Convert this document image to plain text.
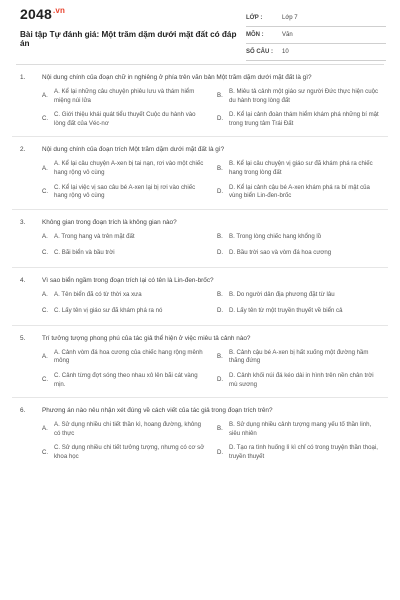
$2048^{.vn}$
Bài tập Tự đánh giá: Một trăm dặm dưới mặt đất có đáp án
LỚP :	Lớp 7
MÔN :	Văn
SỐ CÂU :	10
1.	Nội dung chính của đoạn chữ in nghiêng ở phía trên văn bản Một trăm dặm dưới mặt đất là gì?
A.
A. Kể lại những câu chuyện phiêu lưu và thám hiểm miệng núi lửa
B.
B. Miêu tả cảnh một giáo sư người Đức thực hiện cuộc du hành trong lòng đất
C.
C. Giới thiệu khái quát tiểu thuyết Cuộc du hành vào lòng đất của Véc-nơ
D.
D. Kể lại cảnh đoàn thám hiểm khám phá những bí mật trong trung tâm Trái Đất
2.	Nội dung chính của đoạn trích Một trăm dặm dưới mặt đất là gì?
A.
A. Kể lại câu chuyện A-xen bị tai nạn, rơi vào một chiếc hang rộng vô cùng
B.
B. Kể lại câu chuyện vị giáo sư đã khám phá ra chiếc hang trong lòng đất
C.
C. Kể lại việc vị sao câu bé A-xen lại bị rơi vào chiếc hang rộng vô cùng
D.
D. Kể lại cảnh cậu bé A-xen khám phá ra bí mật của vùng biển Lin-đen-brốc
3.	Không gian trong đoạn trích là không gian nào?
A.	A. Trong hang và trên mặt đất	B.	B. Trong lòng chiếc hang khổng lồ
C. C. Bãi biển và bầu trời	D. D. Bầu trời sao và vòm đá hoa cương
4.	Vì sao biển ngầm trong đoạn trích lại có tên là Lin-đen-brốc?
A.	A. Tên biển đã có từ thời xa xưa	B.	B. Do người dân địa phương đặt từ lâu
C. C. Lấy tên vị giáo sư đã khám phá ra nó	D. D. Lấy tên từ một truyền thuyết về biển cả
5.	Trí tưởng tượng phong phú của tác giả thể hiện ở việc miêu tả cảnh nào?
A.
A. Cảnh vòm đá hoa cương của chiếc hang rộng mênh mông
B.
B. Cảnh cậu bé A-xen bị hất xuống một đường hầm thăng đứng
C.
C. Cảnh từng đợt sóng theo nhau xô lên bãi cát vàng mịn.
D.
D. Cảnh khối núi đá kéo dài in hình trên nền chân trời mù sương
6.	Phương án nào nêu nhận xét đúng về cách viết của tác giả trong đoạn trích trên?
A.
A. Sử dụng nhiều chi tiết thần kì, hoang đường, không có thực
B.
B. Sử dụng nhiều cảnh tượng mang yếu tố thần linh, siêu nhiên
C.
C. Sử dụng nhiều chi tiết tưởng tượng, nhưng có cơ sở khoa học
D.
D. Tạo ra tình huống lì kì chỉ có trong truyện thần thoại, truyền thuyết
